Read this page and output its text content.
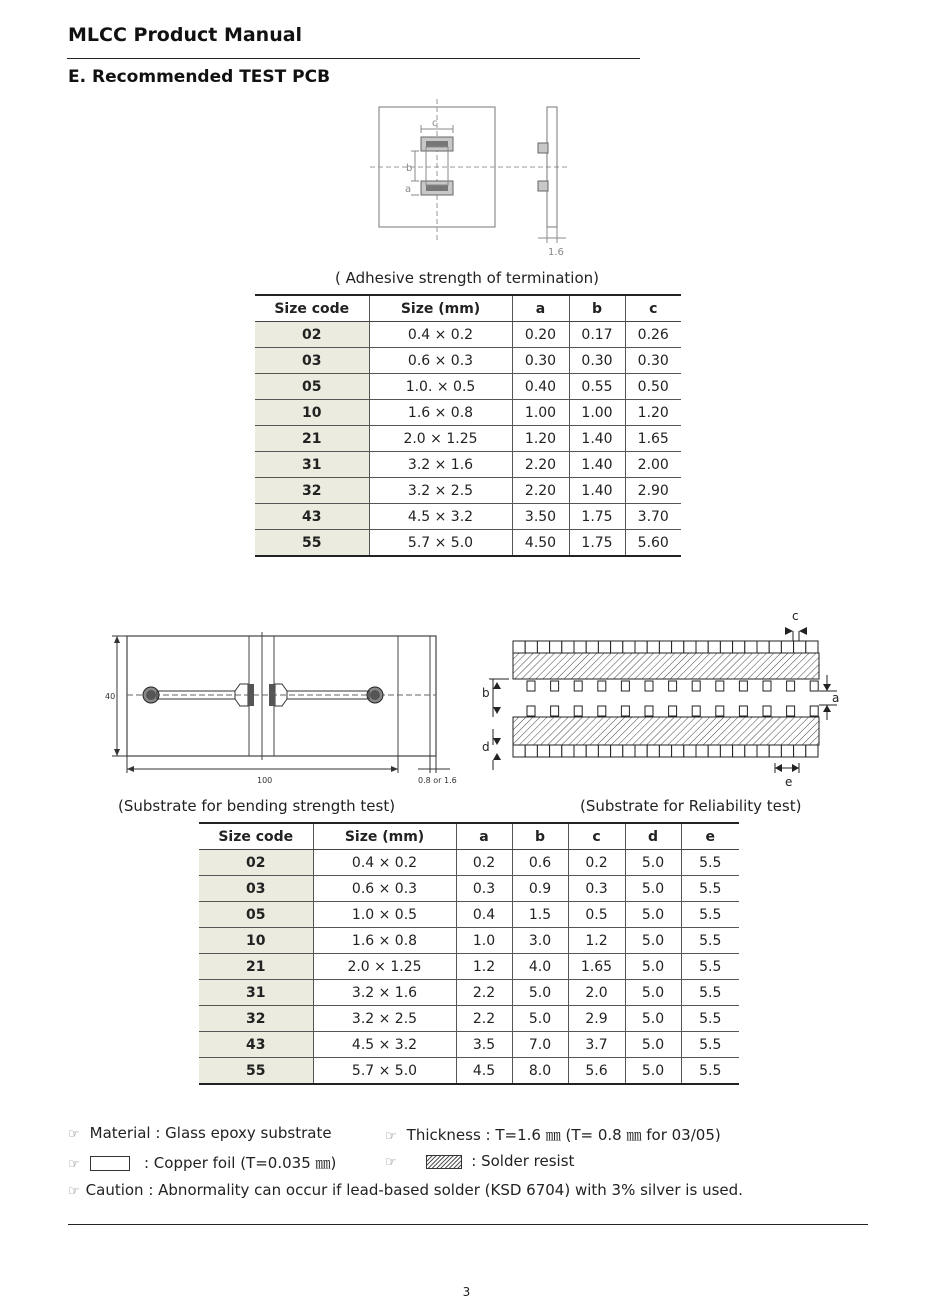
MLCC Product Manual
E. Recommended TEST PCB
c
b
a
1.6
( Adhesive strength of termination)
Size code	Size (mm)	a	b	c
02	0.4 × 0.2	0.20	0.17	0.26
03	0.6 × 0.3	0.30	0.30	0.30
05	1.0. × 0.5	0.40	0.55	0.50
10	1.6 × 0.8	1.00	1.00	1.20
21	2.0 × 1.25	1.20	1.40	1.65
31	3.2 × 1.6	2.20	1.40	2.00
32	3.2 × 2.5	2.20	1.40	2.90
43	4.5 × 3.2	3.50	1.75	3.70
55	5.7 × 5.0	4.50	1.75	5.60
40
100	0.8 or 1.6
c
b
d
a
e
(Substrate for bending strength test)	(Substrate for Reliability test)
Size code	Size (mm)	a	b	c	d	e
02	0.4 × 0.2	0.2	0.6	0.2	5.0	5.5
03	0.6 × 0.3	0.3	0.9	0.3	5.0	5.5
05	1.0 × 0.5	0.4	1.5	0.5	5.0	5.5
10	1.6 × 0.8	1.0	3.0	1.2	5.0	5.5
21	2.0 × 1.25	1.2	4.0	1.65	5.0	5.5
31	3.2 × 1.6	2.2	5.0	2.0	5.0	5.5
32	3.2 × 2.5	2.2	5.0	2.9	5.0	5.5
43	4.5 × 3.2	3.5	7.0	3.7	5.0	5.5
55	5.7 × 5.0	4.5	8.0	5.6	5.0	5.5
☞ Material : Glass epoxy substrate	☞ Thickness : T=1.6 ㎜ (T= 0.8 ㎜ for 03/05)
☞	: Copper foil (T=0.035 ㎜)	☞	: Solder resist
☞ Caution : Abnormality can occur if lead-based solder (KSD 6704) with 3% silver is used.
3
